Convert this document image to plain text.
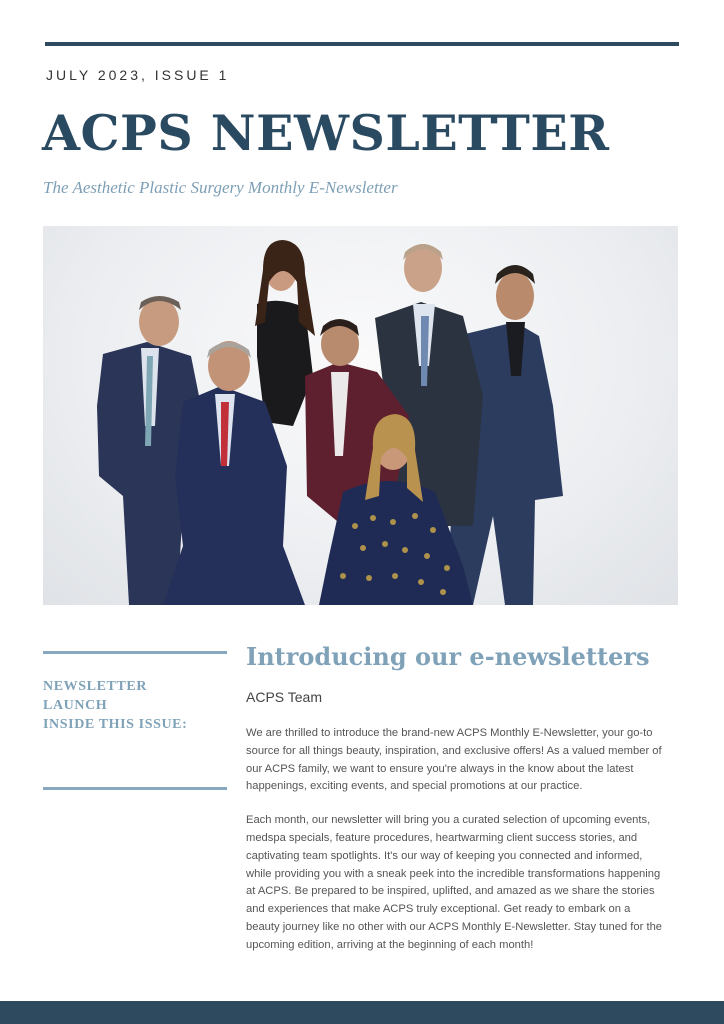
JULY 2023, ISSUE 1
ACPS NEWSLETTER

The Aesthetic Plastic Surgery Monthly E-Newsletter

NEWSLETTER
LAUNCH
INSIDE THIS ISSUE:
Introducing our e-newsletters
ACPS Team

We are thrilled to introduce the brand-new ACPS Monthly E-Newsletter, your go-to source for all things beauty, inspiration, and exclusive offers! As a valued member of our ACPS family, we want to ensure you're always in the know about the latest happenings, exciting events, and special promotions at our practice.

Each month, our newsletter will bring you a curated selection of upcoming events, medspa specials, feature procedures, heartwarming client success stories, and captivating team spotlights. It's our way of keeping you connected and informed, while providing you with a sneak peek into the incredible transformations happening at ACPS. Be prepared to be inspired, uplifted, and amazed as we share the stories and experiences that make ACPS truly exceptional. Get ready to embark on a beauty journey like no other with our ACPS Monthly E-Newsletter. Stay tuned for the upcoming edition, arriving at the beginning of each month!
